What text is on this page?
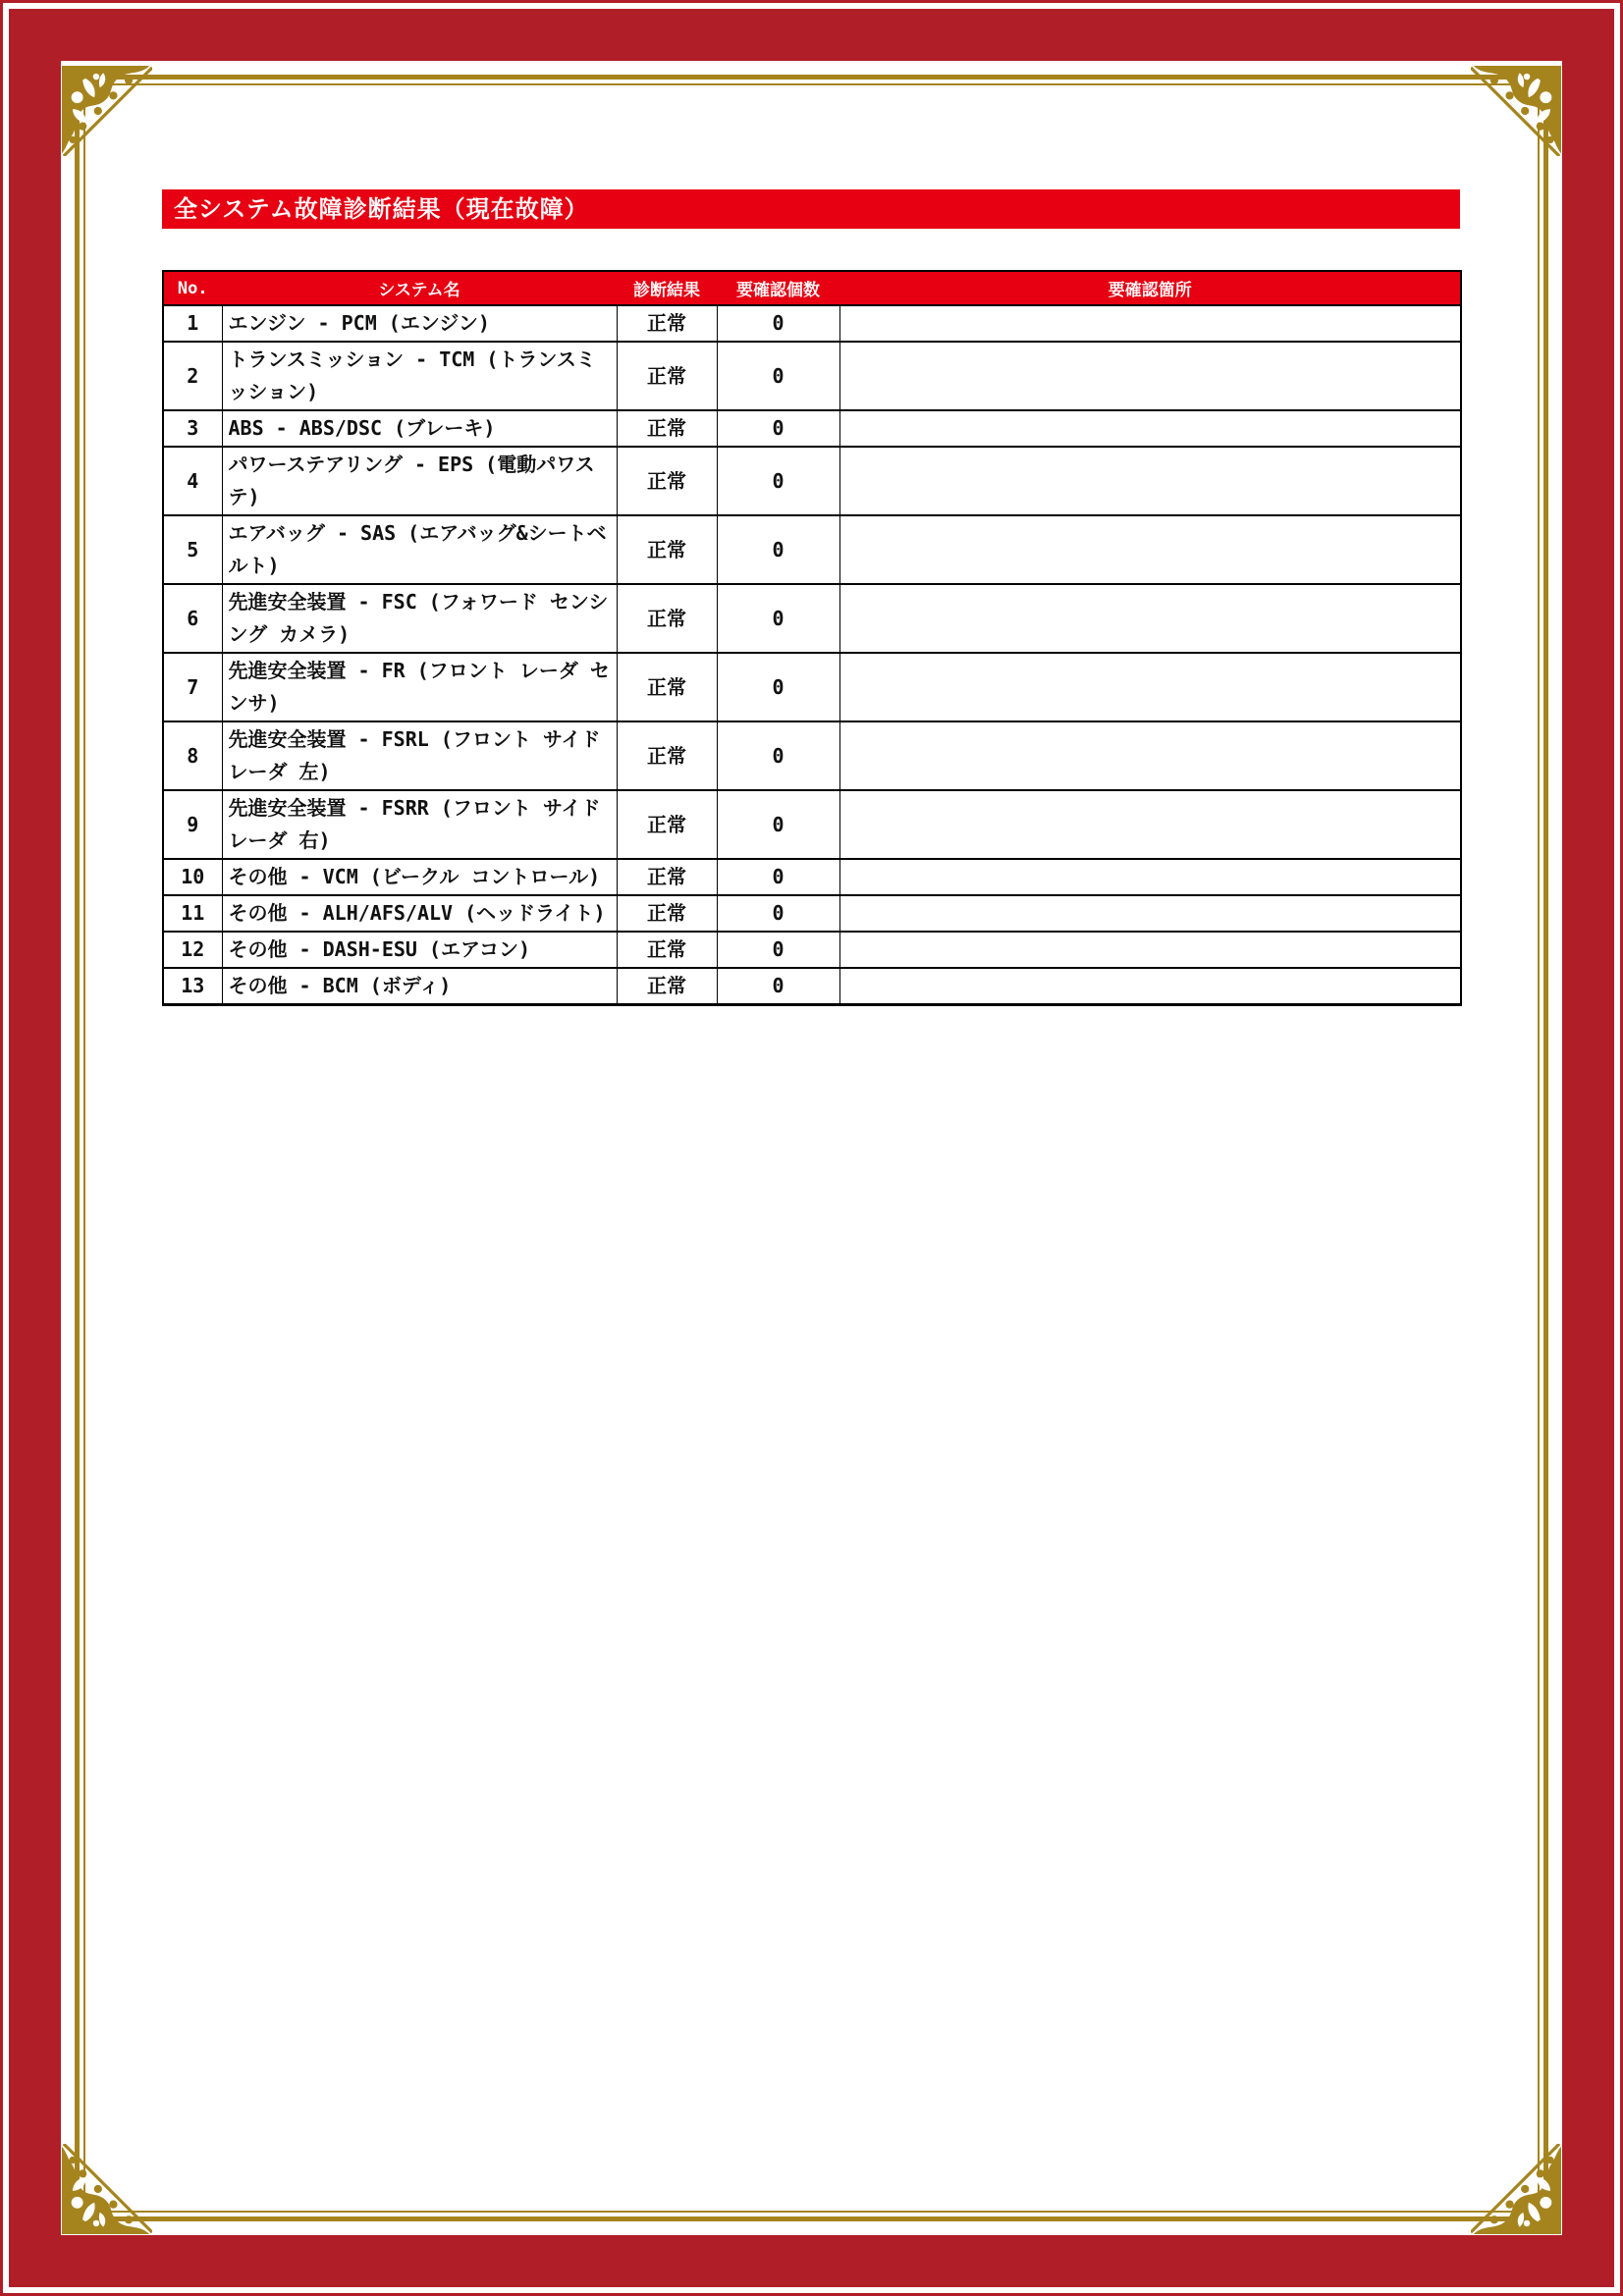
全システム故障診断結果（現在故障）
No.	システム名	診断結果	要確認個数	要確認箇所
1	エンジン - PCM (エンジン)	正常	0	
2	トランスミッション - TCM (トランスミッション)	正常	0	
3	ABS - ABS/DSC (ブレーキ)	正常	0	
4	パワーステアリング - EPS (電動パワステ)	正常	0	
5	エアバッグ - SAS (エアバッグ&シートベルト)	正常	0	
6	先進安全装置 - FSC (フォワード センシング カメラ)	正常	0	
7	先進安全装置 - FR (フロント レーダ センサ)	正常	0	
8	先進安全装置 - FSRL (フロント サイド レーダ 左)	正常	0	
9	先進安全装置 - FSRR (フロント サイド レーダ 右)	正常	0	
10	その他 - VCM (ビークル コントロール)	正常	0	
11	その他 - ALH/AFS/ALV (ヘッドライト)	正常	0	
12	その他 - DASH-ESU (エアコン)	正常	0	
13	その他 - BCM (ボディ)	正常	0	
